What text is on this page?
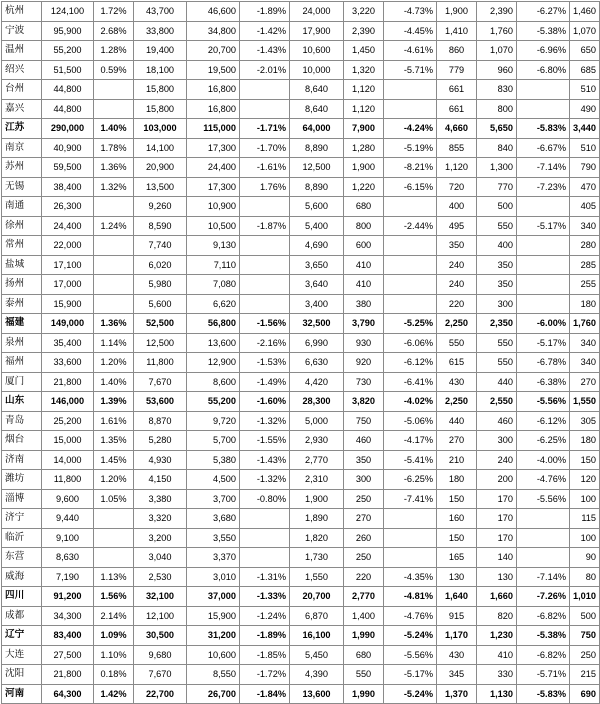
杭州	124,100	1.72%	43,700	46,600	-1.89%	24,000	3,220	-4.73%	1,900	2,390	-6.27%	1,460
宁波	95,900	2.68%	33,800	34,800	-1.42%	17,900	2,390	-4.45%	1,410	1,760	-5.38%	1,070
温州	55,200	1.28%	19,400	20,700	-1.43%	10,600	1,450	-4.61%	860	1,070	-6.96%	650
绍兴	51,500	0.59%	18,100	19,500	-2.01%	10,000	1,320	-5.71%	779	960	-6.80%	685
台州	44,800		15,800	16,800		8,640	1,120		661	830		510
嘉兴	44,800		15,800	16,800		8,640	1,120		661	800		490
江苏	290,000	1.40%	103,000	115,000	-1.71%	64,000	7,900	-4.24%	4,660	5,650	-5.83%	3,440
南京	40,900	1.78%	14,100	17,300	-1.70%	8,890	1,280	-5.19%	855	840	-6.67%	510
苏州	59,500	1.36%	20,900	24,400	-1.61%	12,500	1,900	-8.21%	1,120	1,300	-7.14%	790
无锡	38,400	1.32%	13,500	17,300	1.76%	8,890	1,220	-6.15%	720	770	-7.23%	470
南通	26,300		9,260	10,900		5,600	680		400	500		405
徐州	24,400	1.24%	8,590	10,500	-1.87%	5,400	800	-2.44%	495	550	-5.17%	340
常州	22,000		7,740	9,130		4,690	600		350	400		280
盐城	17,100		6,020	7,110		3,650	410		240	350		285
扬州	17,000		5,980	7,080		3,640	410		240	350		255
泰州	15,900		5,600	6,620		3,400	380		220	300		180
福建	149,000	1.36%	52,500	56,800	-1.56%	32,500	3,790	-5.25%	2,250	2,350	-6.00%	1,760
泉州	35,400	1.14%	12,500	13,600	-2.16%	6,990	930	-6.06%	550	550	-5.17%	340
福州	33,600	1.20%	11,800	12,900	-1.53%	6,630	920	-6.12%	615	550	-6.78%	340
厦门	21,800	1.40%	7,670	8,600	-1.49%	4,420	730	-6.41%	430	440	-6.38%	270
山东	146,000	1.39%	53,600	55,200	-1.60%	28,300	3,820	-4.02%	2,250	2,550	-5.56%	1,550
青岛	25,200	1.61%	8,870	9,720	-1.32%	5,000	750	-5.06%	440	460	-6.12%	305
烟台	15,000	1.35%	5,280	5,700	-1.55%	2,930	460	-4.17%	270	300	-6.25%	180
济南	14,000	1.45%	4,930	5,380	-1.43%	2,770	350	-5.41%	210	240	-4.00%	150
潍坊	11,800	1.20%	4,150	4,500	-1.32%	2,310	300	-6.25%	180	200	-4.76%	120
淄博	9,600	1.05%	3,380	3,700	-0.80%	1,900	250	-7.41%	150	170	-5.56%	100
济宁	9,440		3,320	3,680		1,890	270		160	170		115
临沂	9,100		3,200	3,550		1,820	260		150	170		100
东营	8,630		3,040	3,370		1,730	250		165	140		90
威海	7,190	1.13%	2,530	3,010	-1.31%	1,550	220	-4.35%	130	130	-7.14%	80
四川	91,200	1.56%	32,100	37,000	-1.33%	20,700	2,770	-4.81%	1,640	1,660	-7.26%	1,010
成都	34,300	2.14%	12,100	15,900	-1.24%	6,870	1,400	-4.76%	915	820	-6.82%	500
辽宁	83,400	1.09%	30,500	31,200	-1.89%	16,100	1,990	-5.24%	1,170	1,230	-5.38%	750
大连	27,500	1.10%	9,680	10,600	-1.85%	5,450	680	-5.56%	430	410	-6.82%	250
沈阳	21,800	0.18%	7,670	8,550	-1.72%	4,390	550	-5.17%	345	330	-5.71%	215
河南	64,300	1.42%	22,700	26,700	-1.84%	13,600	1,990	-5.24%	1,370	1,130	-5.83%	690
